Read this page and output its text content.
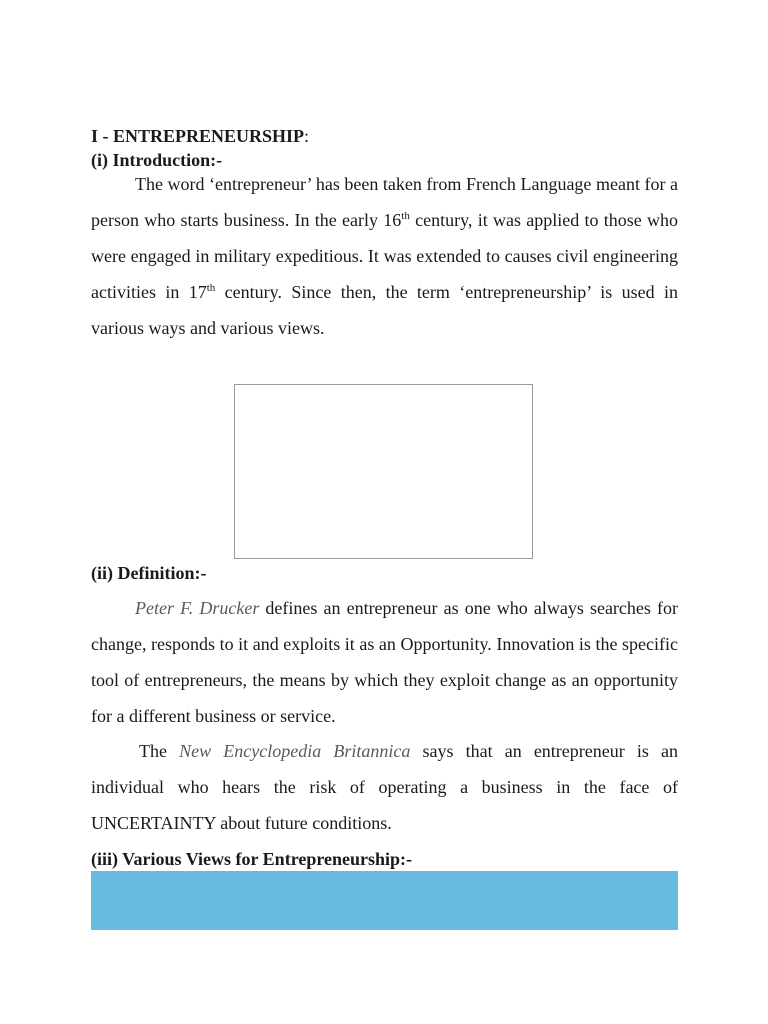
I - ENTREPRENEURSHIP:
(i) Introduction:-

The word ‘entrepreneur’ has been taken from French Language meant for a person who starts business. In the early 16th century, it was applied to those who were engaged in military expeditious. It was extended to causes civil engineering activities in 17th century. Since then, the term ‘entrepreneurship’ is used in various ways and various views.

(ii) Definition:-

Peter F. Drucker defines an entrepreneur as one who always searches for change, responds to it and exploits it as an Opportunity. Innovation is the specific tool of entrepreneurs, the means by which they exploit change as an opportunity for a different business or service.

The New Encyclopedia Britannica says that an entrepreneur is an individual who hears the risk of operating a business in the face of UNCERTAINTY about future conditions.

(iii) Various Views for Entrepreneurship:-
